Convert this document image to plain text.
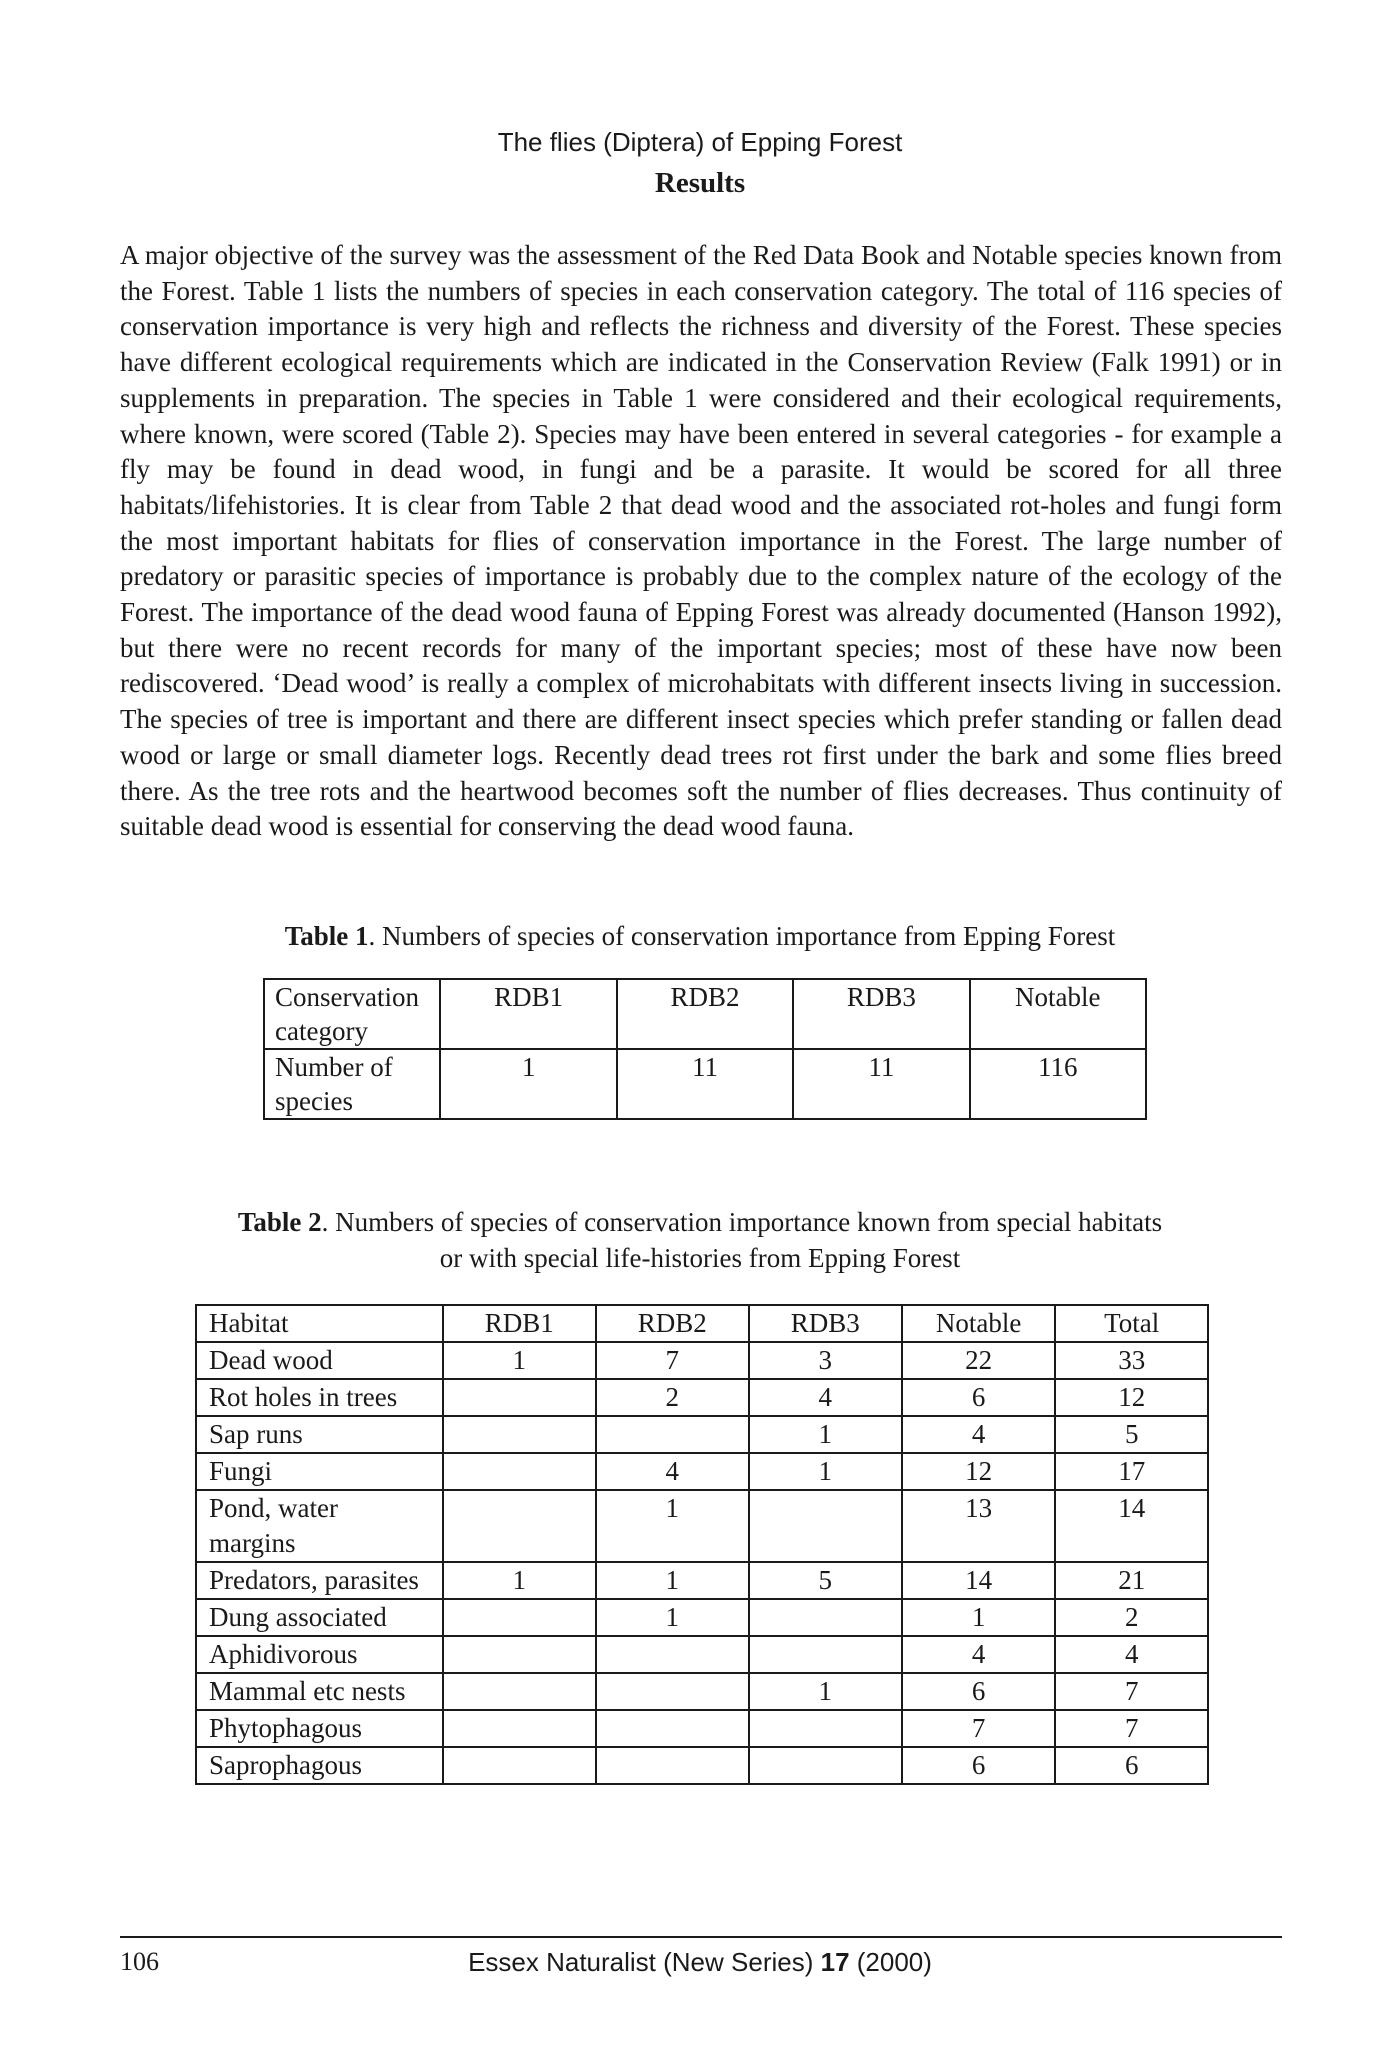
The flies (Diptera) of Epping Forest
Results

A major objective of the survey was the assessment of the Red Data Book and Notable species known from the Forest. Table 1 lists the numbers of species in each conservation category. The total of 116 species of conservation importance is very high and reflects the richness and diversity of the Forest. These species have different ecological requirements which are indicated in the Conservation Review (Falk 1991) or in supplements in preparation. The species in Table 1 were considered and their ecological requirements, where known, were scored (Table 2). Species may have been entered in several categories - for example a fly may be found in dead wood, in fungi and be a parasite. It would be scored for all three habitats/lifehistories. It is clear from Table 2 that dead wood and the associated rot-holes and fungi form the most important habitats for flies of conservation importance in the Forest. The large number of predatory or parasitic species of importance is probably due to the complex nature of the ecology of the Forest. The importance of the dead wood fauna of Epping Forest was already documented (Hanson 1992), but there were no recent records for many of the important species; most of these have now been rediscovered. ‘Dead wood’ is really a complex of microhabitats with different insects living in succession. The species of tree is important and there are different insect species which prefer standing or fallen dead wood or large or small diameter logs. Recently dead trees rot first under the bark and some flies breed there. As the tree rots and the heartwood becomes soft the number of flies decreases. Thus continuity of suitable dead wood is essential for conserving the dead wood fauna.

Table 1. Numbers of species of conservation importance from Epping Forest
Conservation category	RDB1	RDB2	RDB3	Notable
Number of species	1	11	11	116
Table 2. Numbers of species of conservation importance known from special habitats
or with special life-histories from Epping Forest
Habitat	RDB1	RDB2	RDB3	Notable	Total
Dead wood	1	7	3	22	33
Rot holes in trees		2	4	6	12
Sap runs			1	4	5
Fungi		4	1	12	17
Pond, water margins		1		13	14
Predators, parasites	1	1	5	14	21
Dung associated		1		1	2
Aphidivorous				4	4
Mammal etc nests			1	6	7
Phytophagous				7	7
Saprophagous				6	6
106	Essex Naturalist (New Series) 17 (2000)
